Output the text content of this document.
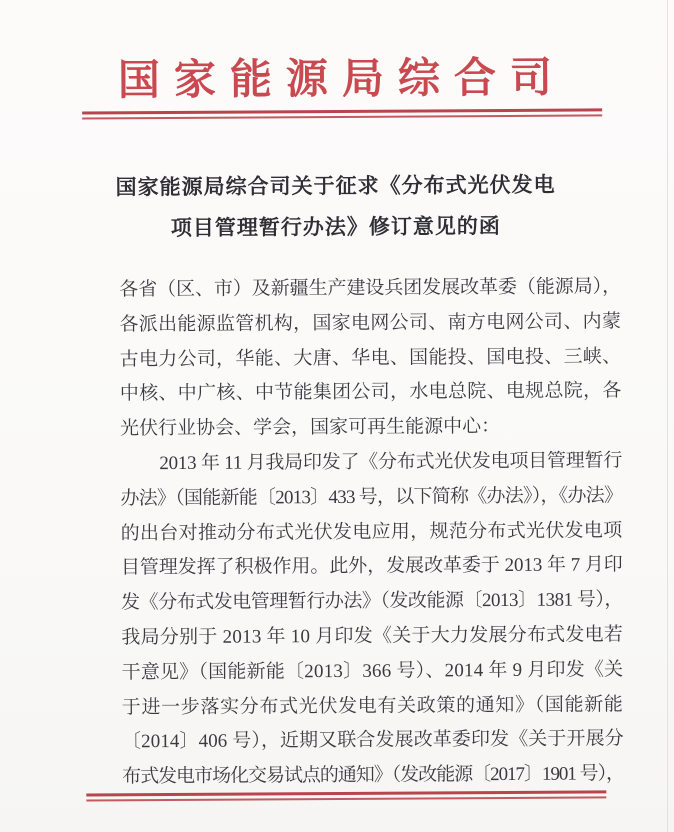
国家能源局综合司
国家能源局综合司关于征求《分布式光伏发电
项目管理暂行办法》修订意见的函
各省（区、市）及新疆生产建设兵团发展改革委（能源局），
各派出能源监管机构，国家电网公司、南方电网公司、内蒙
古电力公司，华能、大唐、华电、国能投、国电投、三峡、
中核、中广核、中节能集团公司，水电总院、电规总院，各
光伏行业协会、学会，国家可再生能源中心：
2013 年 11 月我局印发了《分布式光伏发电项目管理暂行
办法》（国能新能〔2013〕433 号，以下简称《办法》），《办法》
的出台对推动分布式光伏发电应用，规范分布式光伏发电项
目管理发挥了积极作用。此外，发展改革委于 2013 年 7 月印
发《分布式发电管理暂行办法》（发改能源〔2013〕1381 号），
我局分别于 2013 年 10 月印发《关于大力发展分布式发电若
干意见》（国能新能〔2013〕366 号）、2014 年 9 月印发《关
于进一步落实分布式光伏发电有关政策的通知》（国能新能
〔2014〕406 号），近期又联合发展改革委印发《关于开展分
布式发电市场化交易试点的通知》（发改能源〔2017〕1901 号），
